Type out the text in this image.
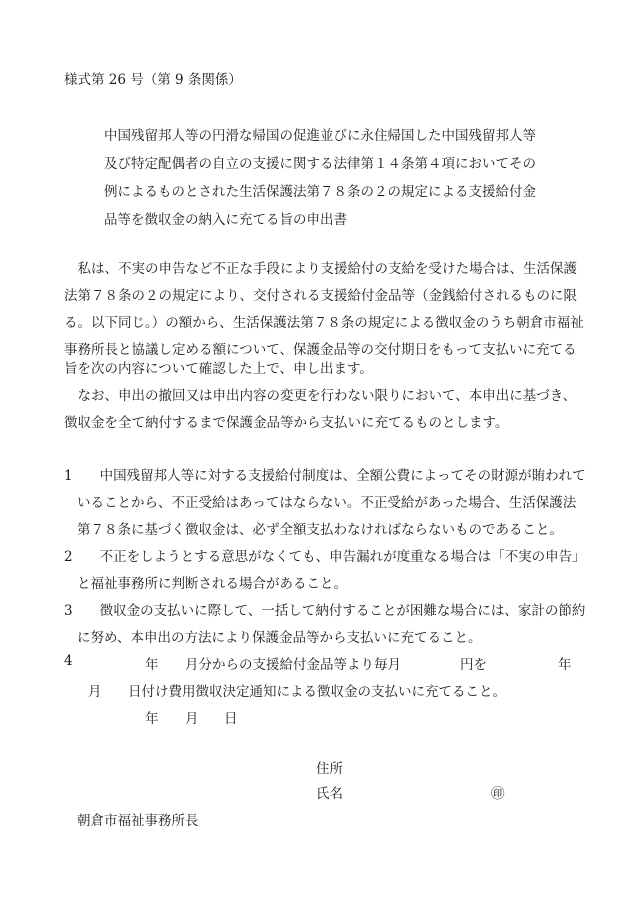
様式第 26 号（第 9 条関係）
中国残留邦人等の円滑な帰国の促進並びに永住帰国した中国残留邦人等
及び特定配偶者の自立の支援に関する法律第１４条第４項においてその
例によるものとされた生活保護法第７８条の２の規定による支援給付金
品等を徴収金の納入に充てる旨の申出書
　私は、不実の申告など不正な手段により支援給付の支給を受けた場合は、生活保護
法第７８条の２の規定により、交付される支援給付金品等（金銭給付されるものに限
る。以下同じ。）の額から、生活保護法第７８条の規定による徴収金のうち朝倉市福祉
事務所長と協議し定める額について、保護金品等の交付期日をもって支払いに充てる
旨を次の内容について確認した上で、申し出ます。
　なお、申出の撤回又は申出内容の変更を行わない限りにおいて、本申出に基づき、
徴収金を全て納付するまで保護金品等から支払いに充てるものとします。
1　　中国残留邦人等に対する支援給付制度は、全額公費によってその財源が賄われて
いることから、不正受給はあってはならない。不正受給があった場合、生活保護法
第７８条に基づく徴収金は、必ず全額支払わなければならないものであること。
2　　不正をしようとする意思がなくても、申告漏れが度重なる場合は「不実の申告」
と福祉事務所に判断される場合があること。
3　　徴収金の支払いに際して、一括して納付することが困難な場合には、家計の節約
に努め、本申出の方法により保護金品等から支払いに充てること。
4	年 月分からの支援給付金品等より毎月	円を	年
月 日付け費用徴収決定通知による徴収金の支払いに充てること。
年 月 日
住所
氏名	㊞
朝倉市福祉事務所長
